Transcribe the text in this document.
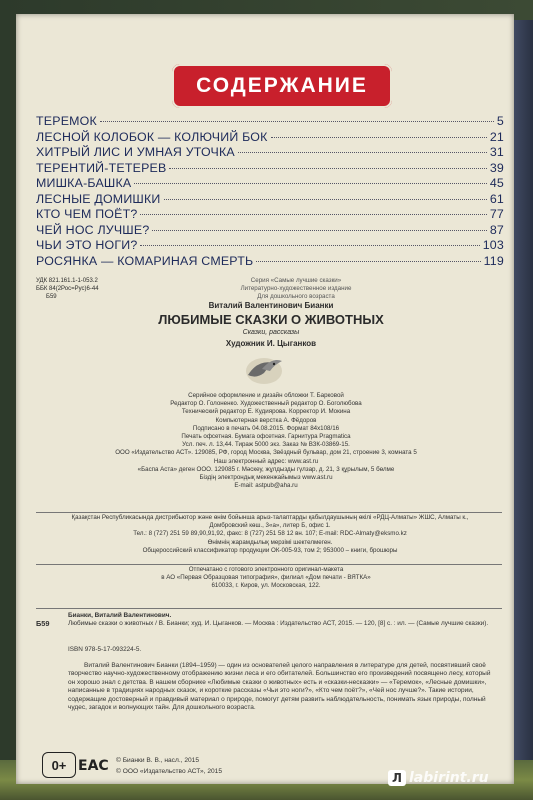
СОДЕРЖАНИЕ
ТЕРЕМОК	5
ЛЕСНОЙ КОЛОБОК — КОЛЮЧИЙ БОК	21
ХИТРЫЙ ЛИС И УМНАЯ УТОЧКА	31
ТЕРЕНТИЙ-ТЕТЕРЕВ	39
МИШКА-БАШКА	45
ЛЕСНЫЕ ДОМИШКИ	61
КТО ЧЕМ ПОЁТ?	77
ЧЕЙ НОС ЛУЧШЕ?	87
ЧЬИ ЭТО НОГИ?	103
РОСЯНКА — КОМАРИНАЯ СМЕРТЬ	119
УДК 821.161.1-1-053.2
ББК 84(2Рос=Рус)6-44
Б59
Серия «Самые лучшие сказки»
Литературно-художественное издание
Для дошкольного возраста
Виталий Валентинович Бианки
ЛЮБИМЫЕ СКАЗКИ О ЖИВОТНЫХ
Сказки, рассказы
Художник И. Цыганков
Серийное оформление и дизайн обложки Т. Барковой
Редактор О. Голоненко. Художественный редактор О. Боголюбова
Технический редактор Е. Кудиярова. Корректор И. Мокина
Компьютерная верстка А. Фёдоров
Подписано в печать 04.08.2015. Формат 84х108/16
Печать офсетная. Бумага офсетная. Гарнитура Pragmatica
Усл. печ. л. 13,44. Тираж 5000 экз. Заказ № ВЗК-03869-15.
ООО «Издательство АСТ». 129085, РФ, город Москва, Звёздный бульвар, дом 21, строение 3, комната 5
Наш электронный адрес: www.ast.ru
«Баспа Аста» деген ООО. 129085 г. Мәскеу, жұлдызды гүлзар, д. 21, 3 құрылым, 5 бөлме
Біздің электрондық мекенжайымыз www.ast.ru
E-mail: astpub@aha.ru
Қазақстан Республикасында дистрибьютор және өнім бойынша арыз-талаптарды қабылдаушының өкілі «РДЦ-Алматы» ЖШС, Алматы к.,
Домбровский көш., 3«а», литер Б, офис 1.
Тел.: 8 (727) 251 59 89,90,91,92, факс: 8 (727) 251 58 12 вн. 107; E-mail: RDC-Almaty@eksmo.kz
Өнімнің жарамдылық мерзімі шектелмеген.
Общероссийский классификатор продукции ОК-005-93, том 2; 953000 – книги, брошюры
Отпечатано с готового электронного оригинал-макета
в АО «Первая Образцовая типография», филиал «Дом печати - ВЯТКА»
610033, г. Киров, ул. Московская, 122.
Б59
Бианки, Виталий Валентинович.
Любимые сказки о животных / В. Бианки; худ. И. Цыганков. — Москва : Издательство АСТ, 2015. — 120, [8] с. : ил. — (Самые лучшие сказки).
ISBN 978-5-17-093224-5.
Виталий Валентинович Бианки (1894–1959) — один из основателей целого направления в литературе для детей, посвятивший своё творчество научно-художественному отображению жизни леса и его обитателей. Большинство его произведений посвящено лесу, который он хорошо знал с детства. В нашем сборнике «Любимые сказки о животных» есть и «сказки-несказки» — «Теремок», «Лесные домишки», написанные в традициях народных сказок, и короткие рассказы «Чьи это ноги?», «Кто чем поёт?», «Чей нос лучше?». Такие истории, содержащие достоверный и правдивый материал о природе, помогут детям развить наблюдательность, понимать язык природы, полный чудес, загадок и волнующих тайн. Для дошкольного возраста.
0+ ЕАС © Бианки В. В., насл., 2015
© ООО «Издательство АСТ», 2015	Л labirint.ru
